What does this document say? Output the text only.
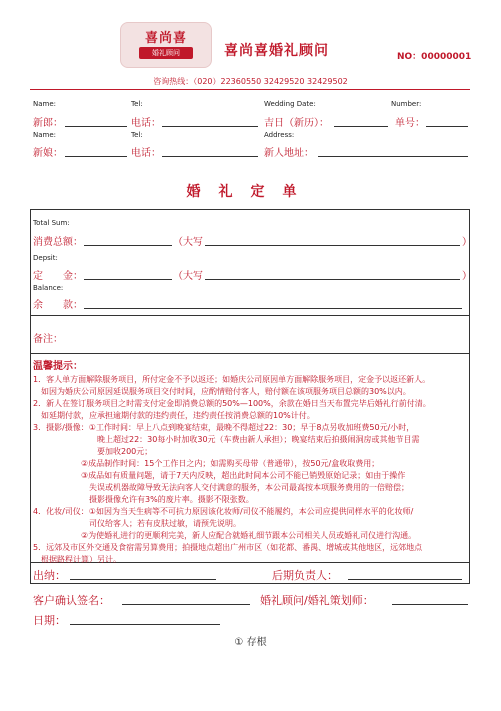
喜尚喜
婚礼顾问	喜尚喜婚礼顾问	NO：00000001
咨询热线：（020）22360550 32429520 32429502
Name:	Tel:	Wedding Date:	Number:
新郎：	电话：	吉日（新历）：	单号：
Name:	Tel:	Address:
新娘：	电话：	新人地址：
婚礼定单
Total Sum:
消费总额：	（大写	）
Depsit:
定　　金：	（大写	）
Balance:
余　　款：
备注：
温馨提示：
1．客人单方面解除服务项目，所付定金不予以返还；如婚庆公司原因单方面解除服务项目，定金予以返还新人。
　如因为婚庆公司原因延误服务项目交付时间，应酌情赔付客人，赔付额在该项服务项目总额的30%以内。
2．新人在签订服务项目之时需支付定金即消费总额的50%—100%，余款在婚日当天布置完毕后婚礼行前付清。
　如延期付款，应承担逾期付款的违约责任，违约责任按消费总额的10%计付。
3．摄影/摄像：①工作时间：早上八点到晚宴结束，最晚不得超过22：30；早于8点另收加班费50元/小时，
　　　　　　　　晚上超过22：30每小时加收30元（车费由新人承担）；晚宴结束后拍摄闹洞房或其他节目需
　　　　　　　　要加收200元；
　　　　　　②成品制作时间：15个工作日之内；如需购买母带（普通带），按50元/盒收取费用；
　　　　　　③成品如有质量问题，请于7天内反映，超出此时间本公司不能已销毁原始记录；如由于操作
　　　　　　　失误或机器故障导致无法向客人交付满意的服务，本公司最高按本项服务费用的一倍赔偿；
　　　　　　　摄影摄像允许有3%的废片率。摄影不限张数。
4．化妆/司仪：①如因为当天生病等不可抗力原因该化妆师/司仪不能履约，本公司应提供同样水平的化妆师/
　　　　　　　司仪给客人；若有皮肤过敏，请预先说明。
　　　　　　②为使婚礼进行的更顺利完美，新人应配合就婚礼细节跟本公司相关人员或婚礼司仪进行沟通。
5．远郊及市区外交通及食宿需另算费用；拍摄地点超出广州市区（如花都、番禺、增城或其他地区，远郊地点
　根据路程计算）另计。
出纳：	后期负责人：
客户确认签名：	婚礼顾问/婚礼策划师：
日期：
① 存根
